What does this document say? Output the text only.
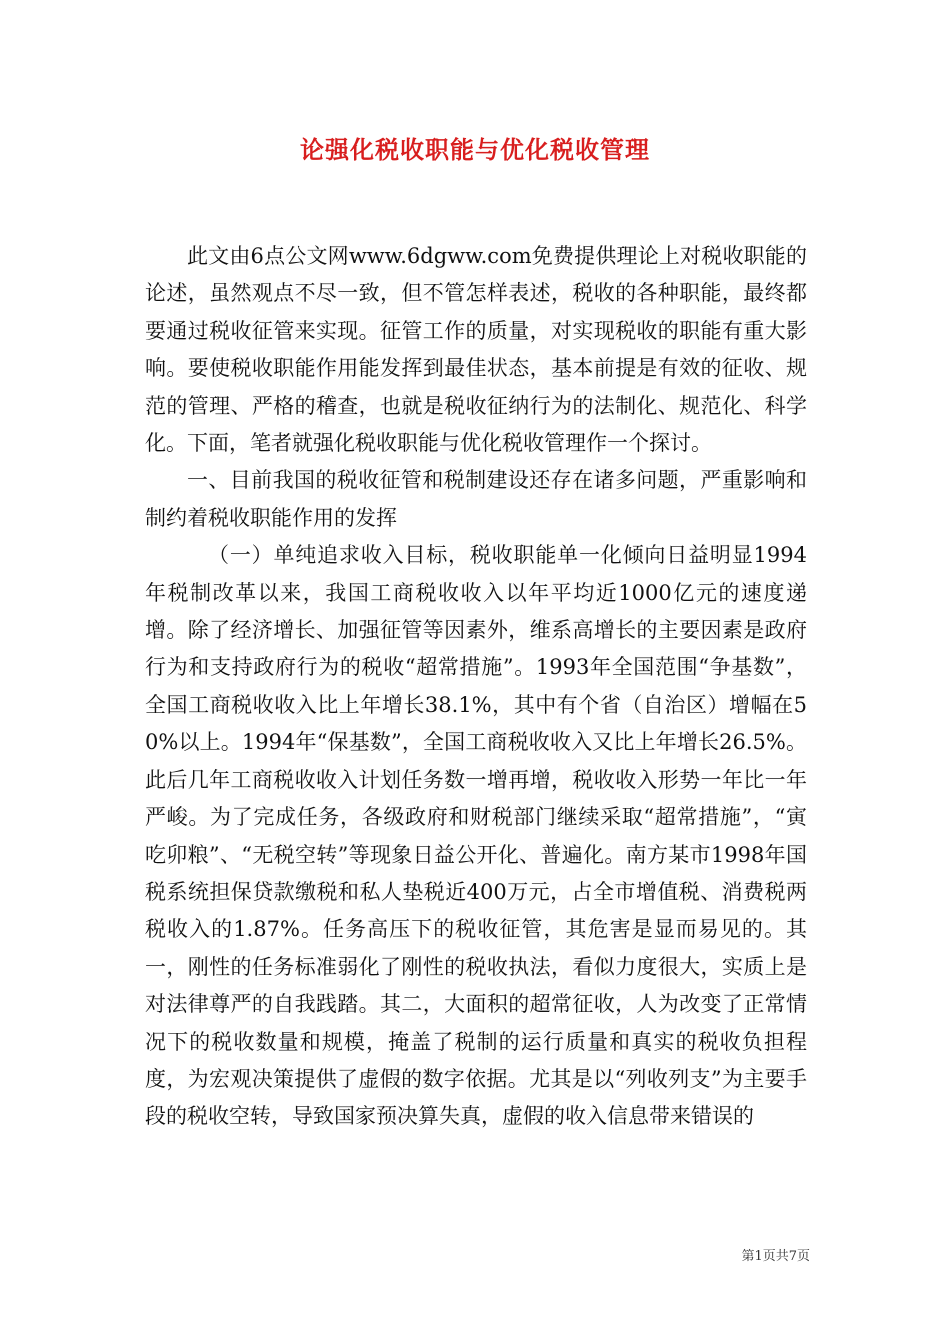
论强化税收职能与优化税收管理

此文由6点公文网www.6dgww.com免费提供理论上对税收职能的论述，虽然观点不尽一致，但不管怎样表述，税收的各种职能，最终都要通过税收征管来实现。征管工作的质量，对实现税收的职能有重大影响。要使税收职能作用能发挥到最佳状态，基本前提是有效的征收、规范的管理、严格的稽查，也就是税收征纳行为的法制化、规范化、科学化。下面，笔者就强化税收职能与优化税收管理作一个探讨。

一、目前我国的税收征管和税制建设还存在诸多问题，严重影响和制约着税收职能作用的发挥

（一）单纯追求收入目标，税收职能单一化倾向日益明显1994年税制改革以来，我国工商税收收入以年平均近1000亿元的速度递增。除了经济增长、加强征管等因素外，维系高增长的主要因素是政府行为和支持政府行为的税收“超常措施”。1993年全国范围“争基数”，全国工商税收收入比上年增长38.1%，其中有个省（自治区）增幅在50%以上。1994年“保基数”，全国工商税收收入又比上年增长26.5%。此后几年工商税收收入计划任务数一增再增，税收收入形势一年比一年严峻。为了完成任务，各级政府和财税部门继续采取“超常措施”，“寅吃卯粮”、“无税空转”等现象日益公开化、普遍化。南方某市1998年国税系统担保贷款缴税和私人垫税近400万元，占全市增值税、消费税两税收入的1.87%。任务高压下的税收征管，其危害是显而易见的。其一，刚性的任务标准弱化了刚性的税收执法，看似力度很大，实质上是对法律尊严的自我践踏。其二，大面积的超常征收，人为改变了正常情况下的税收数量和规模，掩盖了税制的运行质量和真实的税收负担程度，为宏观决策提供了虚假的数字依据。尤其是以“列收列支”为主要手段的税收空转，导致国家预决算失真，虚假的收入信息带来错误的

第1页共7页
